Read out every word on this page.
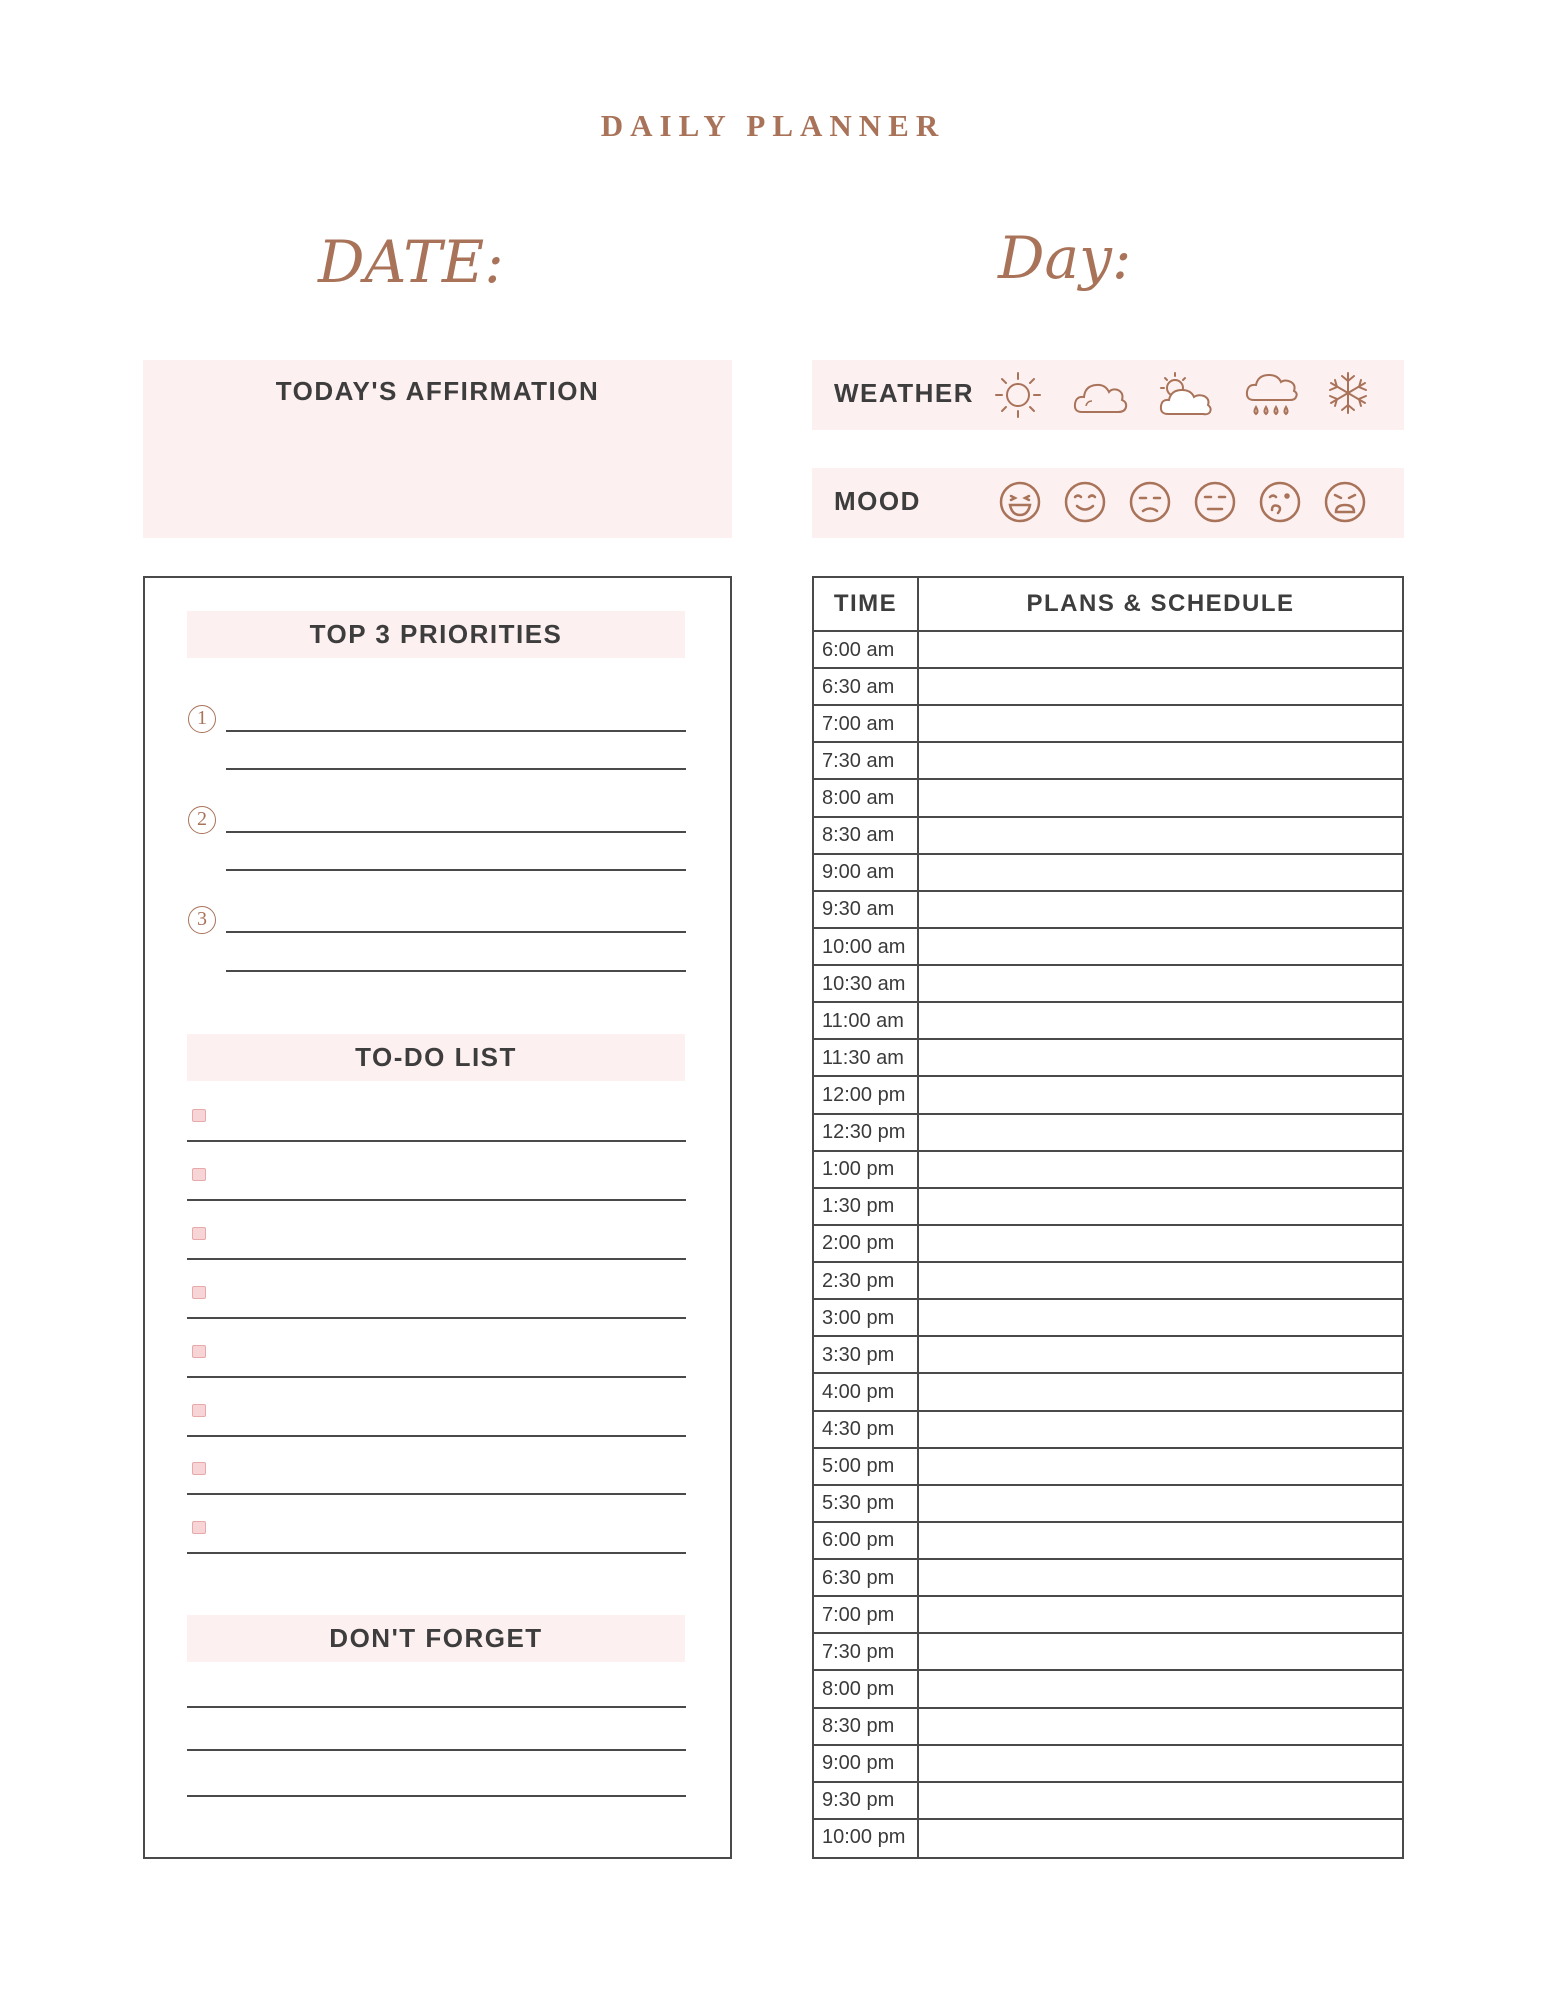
DAILY PLANNER
DATE:	Day:
TODAY'S AFFIRMATION	WEATHER
MOOD
TOP 3 PRIORITIES
1
2
3
TO-DO LIST
DON'T FORGET
TIME	PLANS & SCHEDULE
6:00 am
6:30 am
7:00 am
7:30 am
8:00 am
8:30 am
9:00 am
9:30 am
10:00 am
10:30 am
11:00 am
11:30 am
12:00 pm
12:30 pm
1:00 pm
1:30 pm
2:00 pm
2:30 pm
3:00 pm
3:30 pm
4:00 pm
4:30 pm
5:00 pm
5:30 pm
6:00 pm
6:30 pm
7:00 pm
7:30 pm
8:00 pm
8:30 pm
9:00 pm
9:30 pm
10:00 pm
